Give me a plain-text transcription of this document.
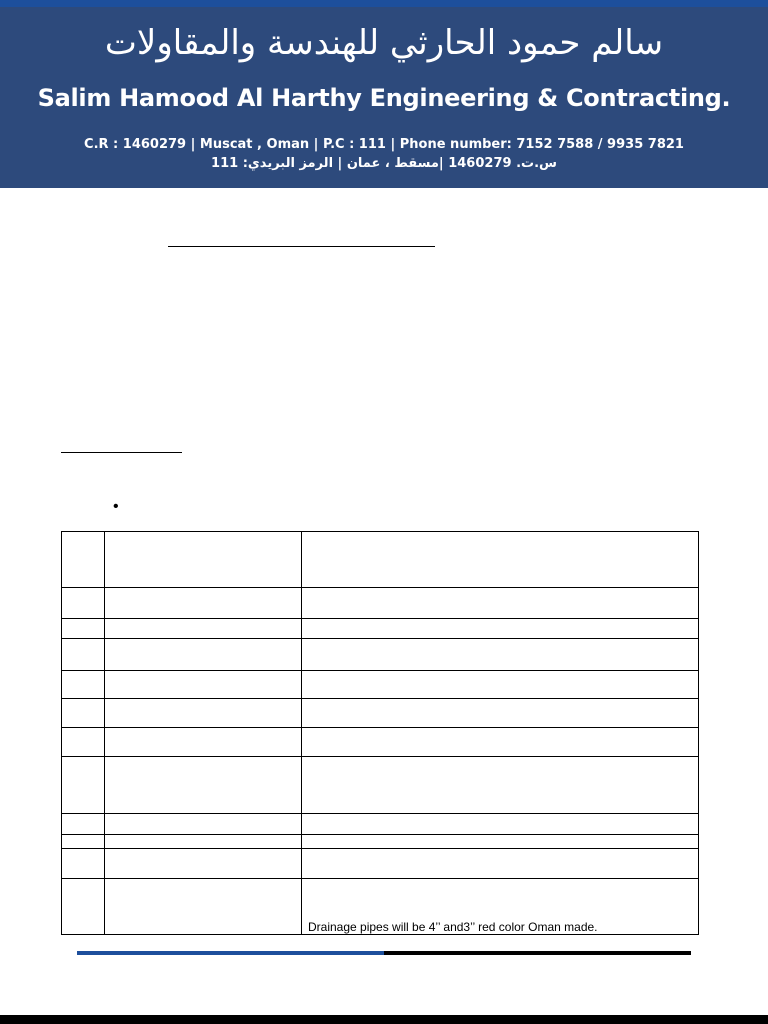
سالم حمود الحارثي للهندسة والمقاولات
Salim Hamood Al Harthy Engineering & Contracting.
C.R : 1460279 | Muscat , Oman | P.C : 111 | Phone number: 7152 7588 / 9935 7821
س.ت. 1460279 |مسقط ، عمان | الرمز البريدي: 111
•

		Drainage pipes will be 4’’ and3’’ red color Oman made.
